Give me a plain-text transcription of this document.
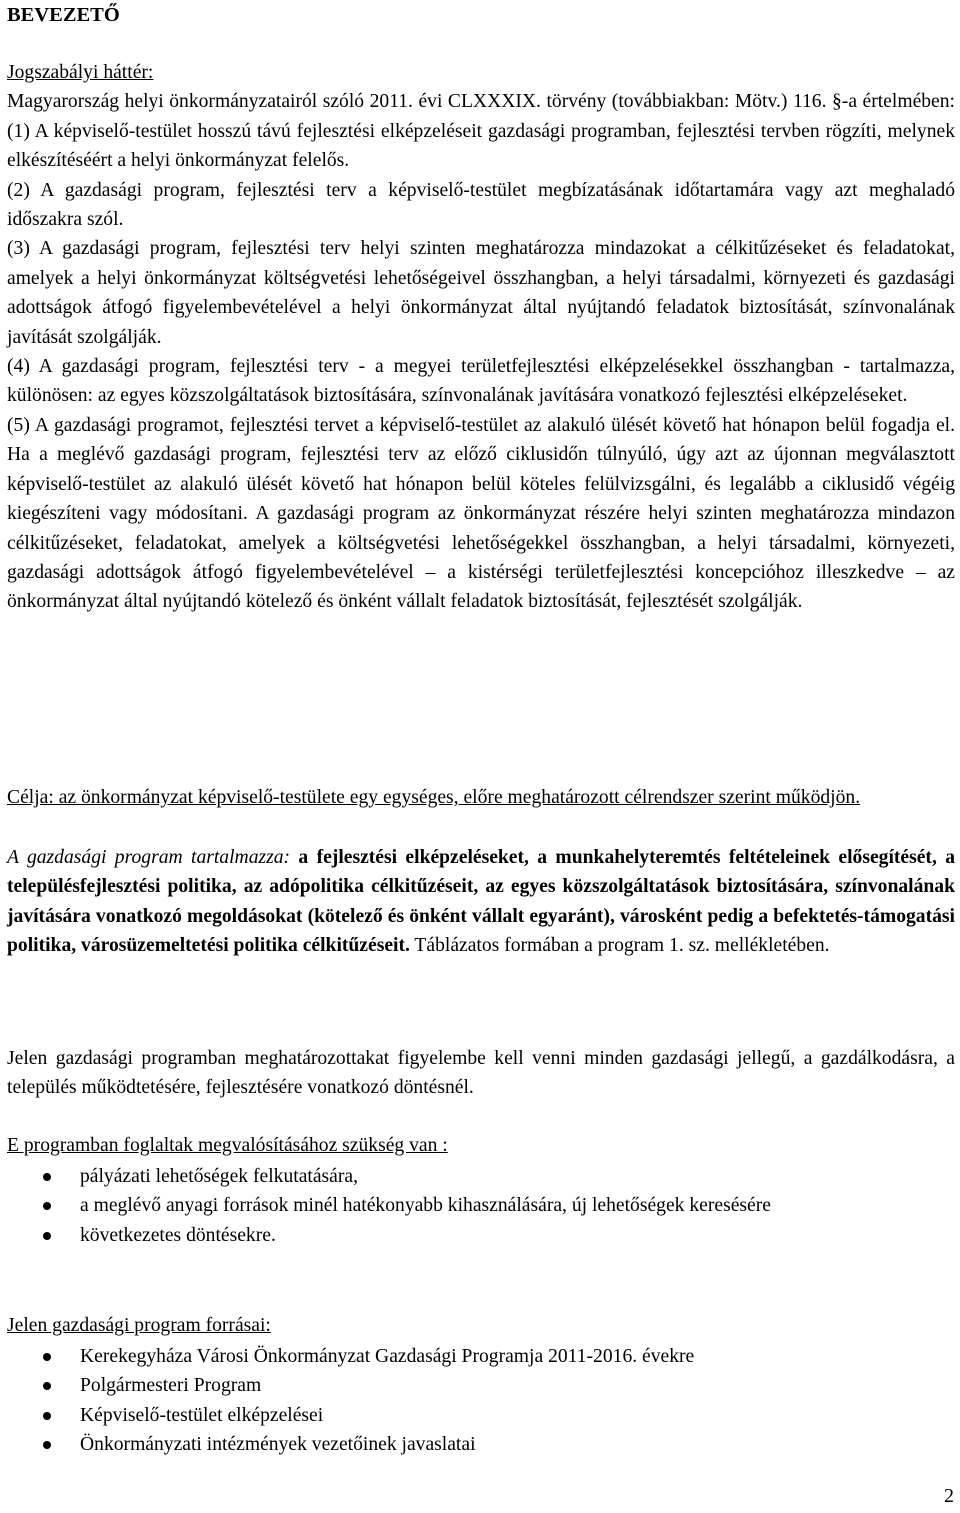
BEVEZETŐ

Jogszabályi háttér:

Magyarország helyi önkormányzatairól szóló 2011. évi CLXXXIX. törvény (továbbiakban: Mötv.) 116. §-a értelmében: (1) A képviselő-testület hosszú távú fejlesztési elképzeléseit gazdasági programban, fejlesztési tervben rögzíti, melynek elkészítéséért a helyi önkormányzat felelős.

(2) A gazdasági program, fejlesztési terv a képviselő-testület megbízatásának időtartamára vagy azt meghaladó időszakra szól.

(3) A gazdasági program, fejlesztési terv helyi szinten meghatározza mindazokat a célkitűzéseket és feladatokat, amelyek a helyi önkormányzat költségvetési lehetőségeivel összhangban, a helyi társadalmi, környezeti és gazdasági adottságok átfogó figyelembevételével a helyi önkormányzat által nyújtandó feladatok biztosítását, színvonalának javítását szolgálják.

(4) A gazdasági program, fejlesztési terv - a megyei területfejlesztési elképzelésekkel összhangban - tartalmazza, különösen: az egyes közszolgáltatások biztosítására, színvonalának javítására vonatkozó fejlesztési elképzeléseket.

(5) A gazdasági programot, fejlesztési tervet a képviselő-testület az alakuló ülését követő hat hónapon belül fogadja el. Ha a meglévő gazdasági program, fejlesztési terv az előző ciklusidőn túlnyúló, úgy azt az újonnan megválasztott képviselő-testület az alakuló ülését követő hat hónapon belül köteles felülvizsgálni, és legalább a ciklusidő végéig kiegészíteni vagy módosítani. A gazdasági program az önkormányzat részére helyi szinten meghatározza mindazon célkitűzéseket, feladatokat, amelyek a költségvetési lehetőségekkel összhangban, a helyi társadalmi, környezeti, gazdasági adottságok átfogó figyelembevételével – a kistérségi területfejlesztési koncepcióhoz illeszkedve – az önkormányzat által nyújtandó kötelező és önként vállalt feladatok biztosítását, fejlesztését szolgálják.

Célja: az önkormányzat képviselő-testülete egy egységes, előre meghatározott célrendszer szerint működjön.

A gazdasági program tartalmazza: a fejlesztési elképzeléseket, a munkahelyteremtés feltételeinek elősegítését, a településfejlesztési politika, az adópolitika célkitűzéseit, az egyes közszolgáltatások biztosítására, színvonalának javítására vonatkozó megoldásokat (kötelező és önként vállalt egyaránt), városként pedig a befektetés-támogatási politika, városüzemeltetési politika célkitűzéseit. Táblázatos formában a program 1. sz. mellékletében.

Jelen gazdasági programban meghatározottakat figyelembe kell venni minden gazdasági jellegű, a gazdálkodásra, a település működtetésére, fejlesztésére vonatkozó döntésnél.

E programban foglaltak megvalósításához szükség van :

pályázati lehetőségek felkutatására,
a meglévő anyagi források minél hatékonyabb kihasználására, új lehetőségek keresésére
következetes döntésekre.

Jelen gazdasági program forrásai:

Kerekegyháza Városi Önkormányzat Gazdasági Programja 2011-2016. évekre
Polgármesteri Program
Képviselő-testület elképzelései
Önkormányzati intézmények vezetőinek javaslatai
2
